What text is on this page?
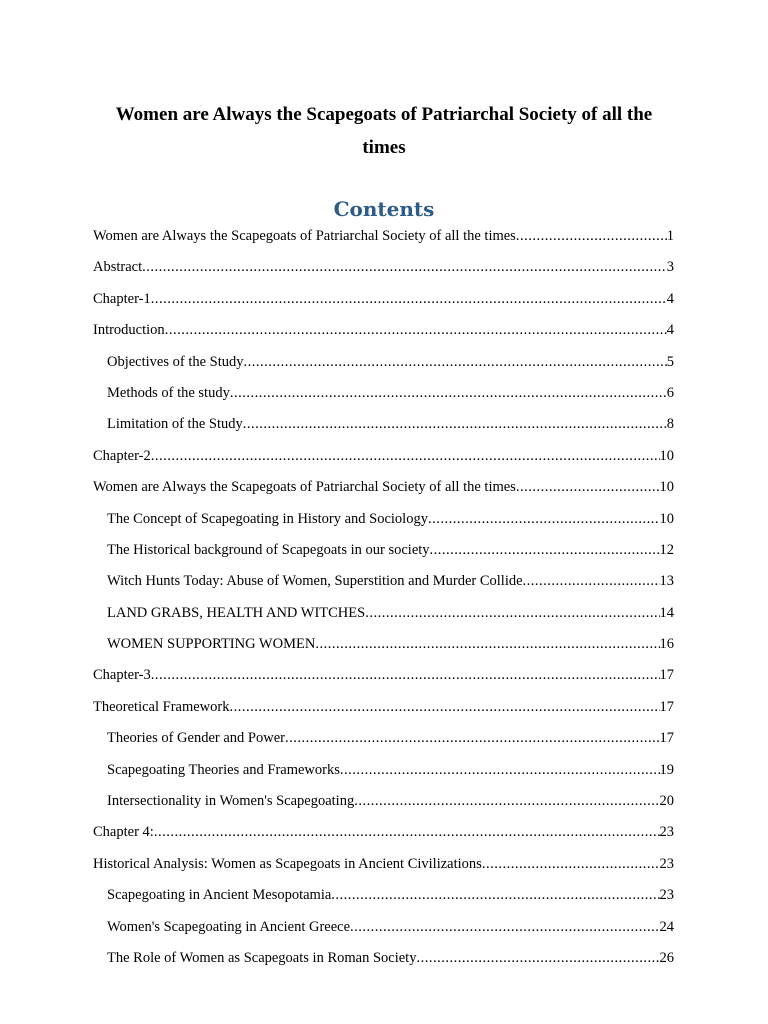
Women are Always the Scapegoats of Patriarchal Society of all the times
Contents
Women are Always the Scapegoats of Patriarchal Society of all the times .....	1
Abstract .....	3
Chapter-1 .....	4
Introduction .....	4
Objectives of the Study .....	5
Methods of the study .....	6
Limitation of the Study .....	8
Chapter-2 .....	10
Women are Always the Scapegoats of Patriarchal Society of all the times .....	10
The Concept of Scapegoating in History and Sociology .....	10
The Historical background of Scapegoats in our society .....	12
Witch Hunts Today: Abuse of Women, Superstition and Murder Collide .....	13
LAND GRABS, HEALTH AND WITCHES .....	14
WOMEN SUPPORTING WOMEN .....	16
Chapter-3 .....	17
Theoretical Framework .....	17
Theories of Gender and Power .....	17
Scapegoating Theories and Frameworks .....	19
Intersectionality in Women's Scapegoating .....	20
Chapter 4: .....	23
Historical Analysis: Women as Scapegoats in Ancient Civilizations .....	23
Scapegoating in Ancient Mesopotamia .....	23
Women's Scapegoating in Ancient Greece .....	24
The Role of Women as Scapegoats in Roman Society .....	26
